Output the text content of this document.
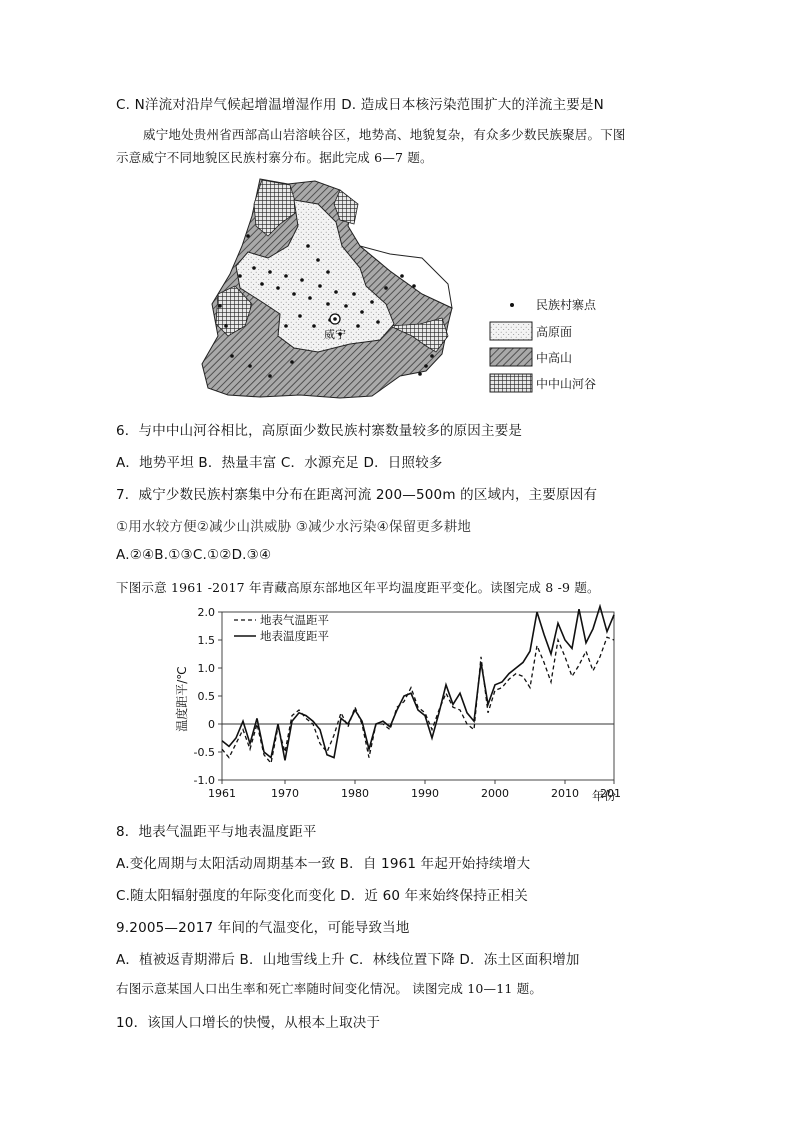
C. N洋流对沿岸气候起增温增湿作用 D. 造成日本核污染范围扩大的洋流主要是N
威宁地处贵州省西部高山岩溶峡谷区，地势高、地貌复杂，有众多少数民族聚居。下图
示意威宁不同地貌区民族村寨分布。据此完成 6—7 题。
威宁
民族村寨点
高原面
中高山
中中山河谷
6．与中中山河谷相比，高原面少数民族村寨数量较多的原因主要是
A．地势平坦 B．热量丰富 C．水源充足 D．日照较多
7．威宁少数民族村寨集中分布在距离河流 200—500m 的区域内，主要原因有
①用水较方便②减少山洪威胁 ③减少水污染④保留更多耕地
A.②④B.①③C.①②D.③④
下图示意 1961 -2017 年青藏高原东部地区年平均温度距平变化。读图完成 8 -9 题。
-1.0
-0.5
0
0.5
1.0
1.5
2.0
1961	1970	1980	1990	2000	2010 201
温度距平/℃
年份
地表气温距平
地表温度距平
8．地表气温距平与地表温度距平
A.变化周期与太阳活动周期基本一致 B．自 1961 年起开始持续增大
C.随太阳辐射强度的年际变化而变化 D．近 60 年来始终保持正相关
9.2005—2017 年间的气温变化，可能导致当地
A．植被返青期滞后 B．山地雪线上升 C．林线位置下降 D．冻土区面积增加
右图示意某国人口出生率和死亡率随时间变化情况。 读图完成 10—11 题。
10．该国人口增长的快慢，从根本上取决于
